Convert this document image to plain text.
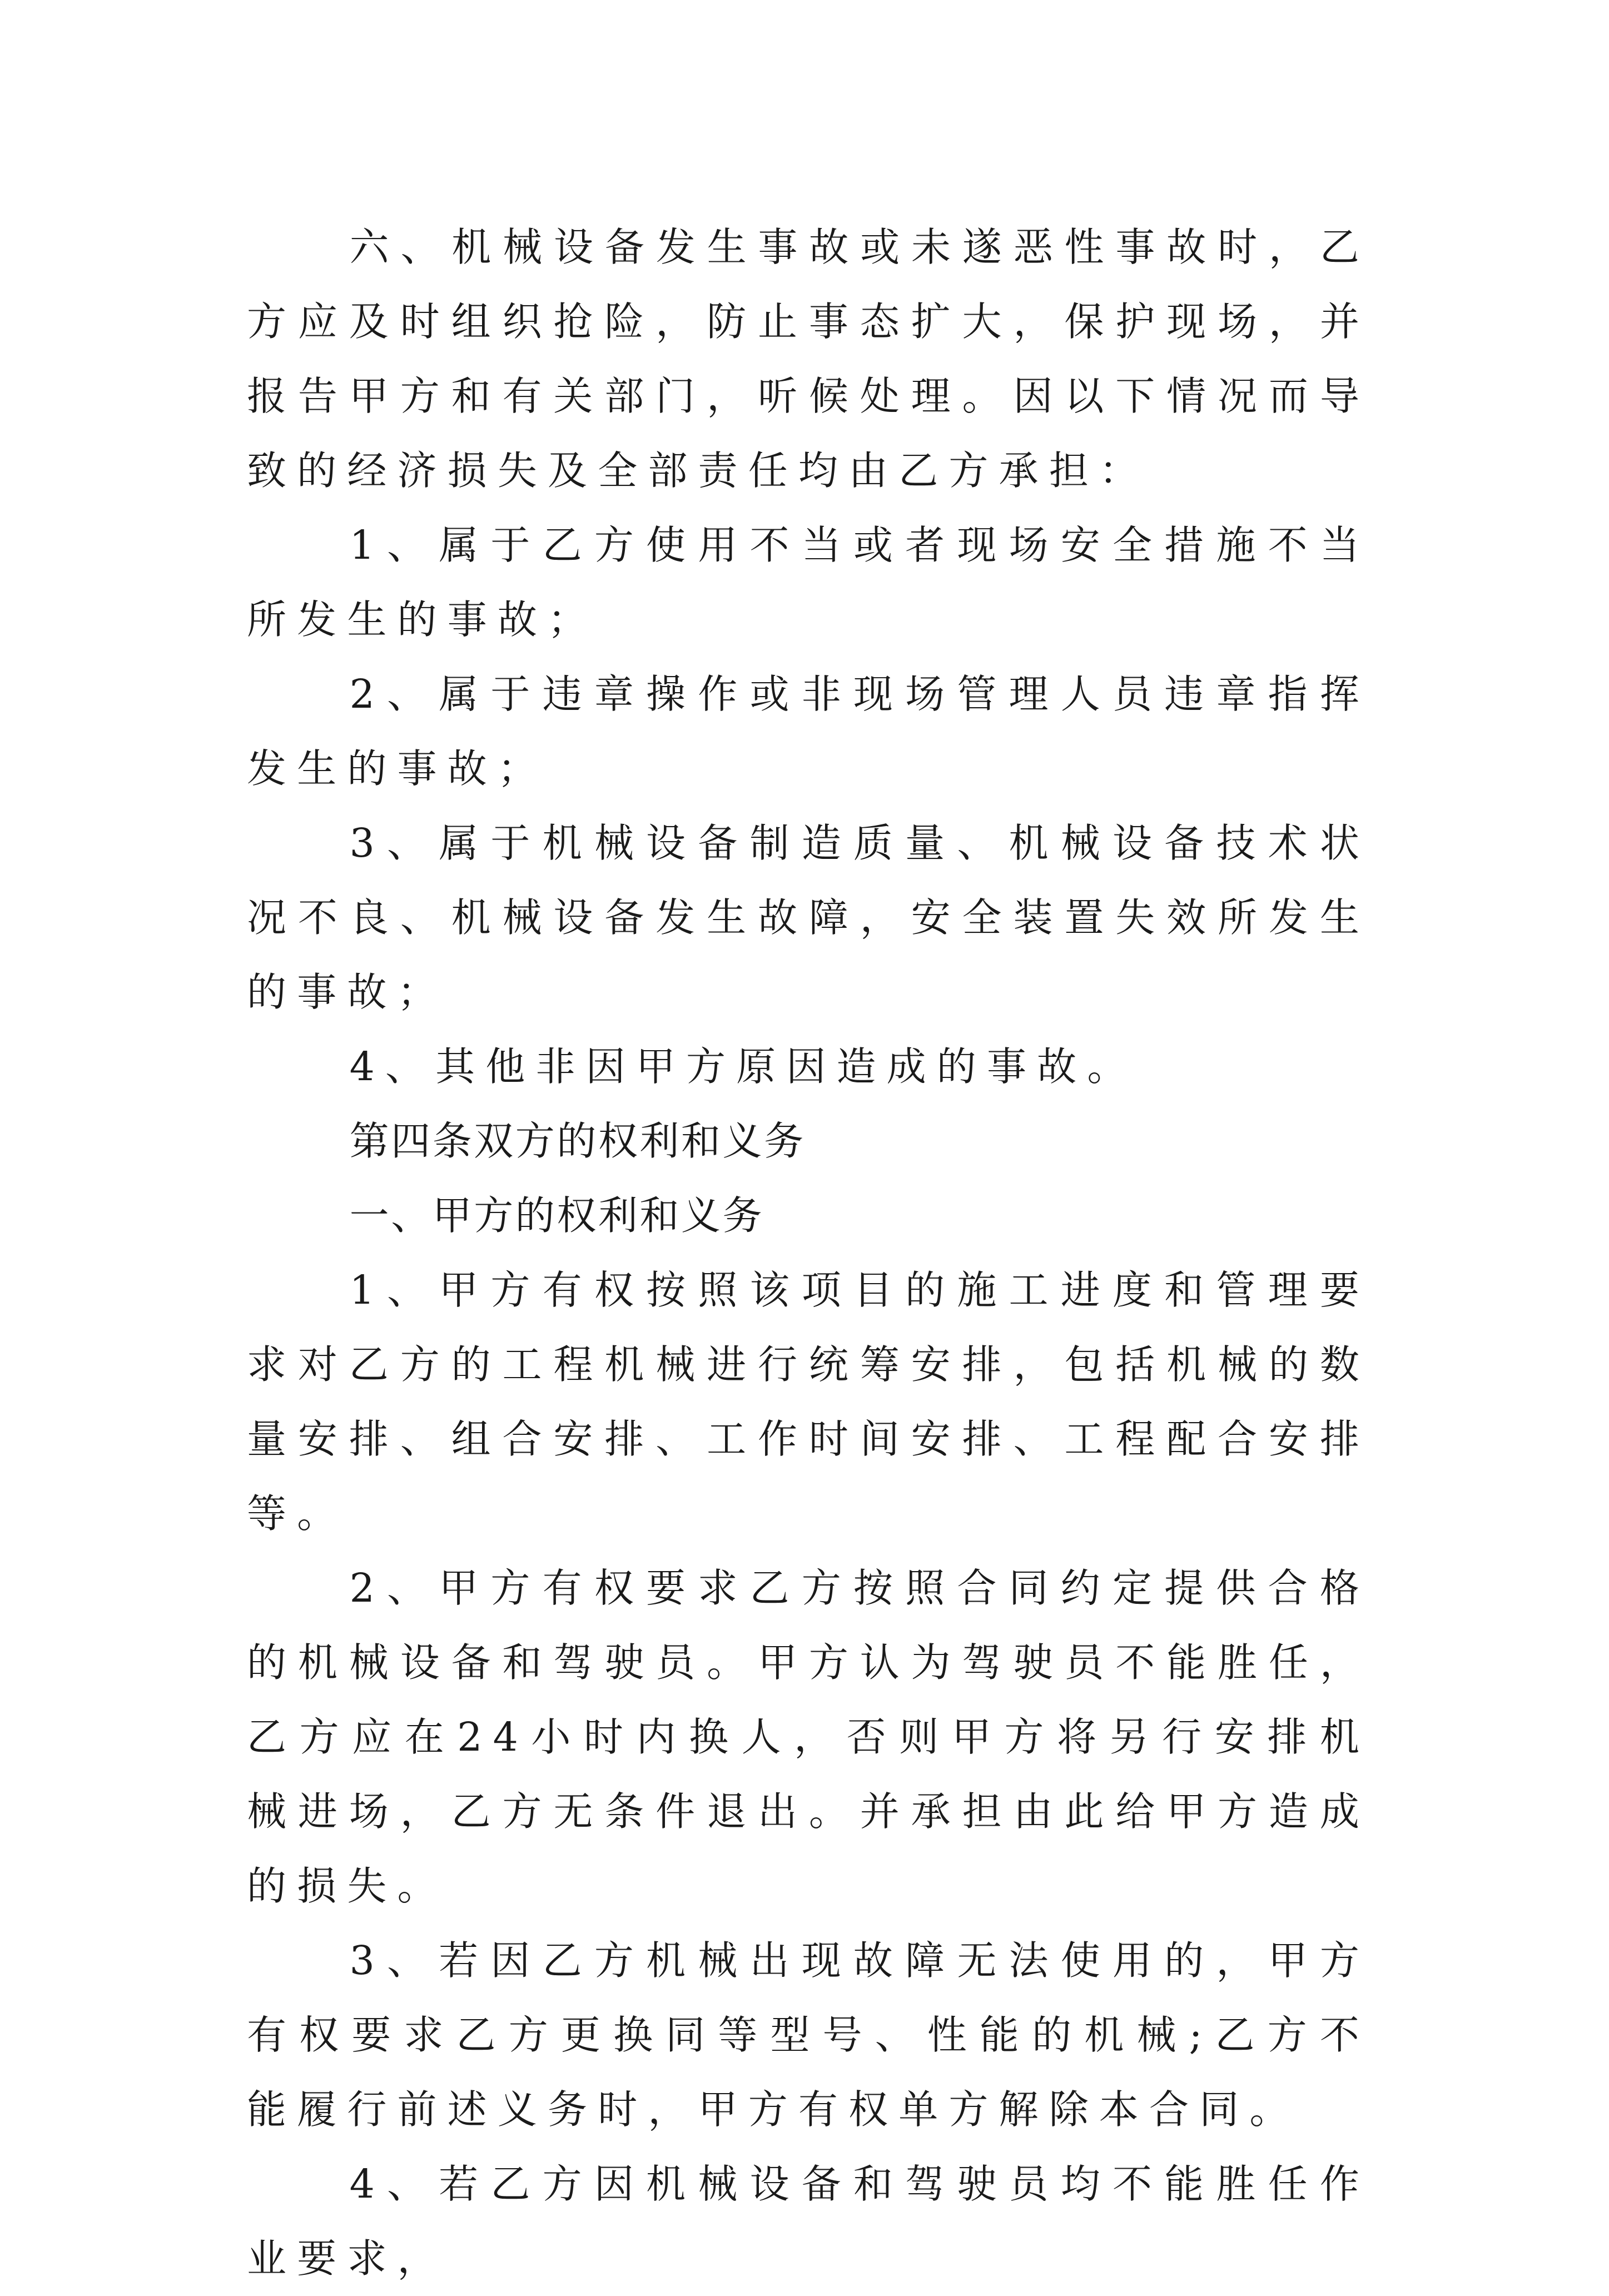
六、机械设备发生事故或未遂恶性事故时，乙方应及时组织抢险，防止事态扩大，保护现场，并报告甲方和有关部门，听候处理。因以下情况而导致的经济损失及全部责任均由乙方承担：

1、属于乙方使用不当或者现场安全措施不当所发生的事故；

2、属于违章操作或非现场管理人员违章指挥发生的事故；

3、属于机械设备制造质量、机械设备技术状况不良、机械设备发生故障，安全装置失效所发生的事故；

4、其他非因甲方原因造成的事故。

第四条双方的权利和义务

一、甲方的权利和义务

1、甲方有权按照该项目的施工进度和管理要求对乙方的工程机械进行统筹安排，包括机械的数量安排、组合安排、工作时间安排、工程配合安排等。

2、甲方有权要求乙方按照合同约定提供合格的机械设备和驾驶员。甲方认为驾驶员不能胜任，乙方应在24小时内换人，否则甲方将另行安排机械进场，乙方无条件退出。并承担由此给甲方造成的损失。

3、若因乙方机械出现故障无法使用的，甲方有权要求乙方更换同等型号、性能的机械;乙方不能履行前述义务时，甲方有权单方解除本合同。

4、若乙方因机械设备和驾驶员均不能胜任作业要求，
